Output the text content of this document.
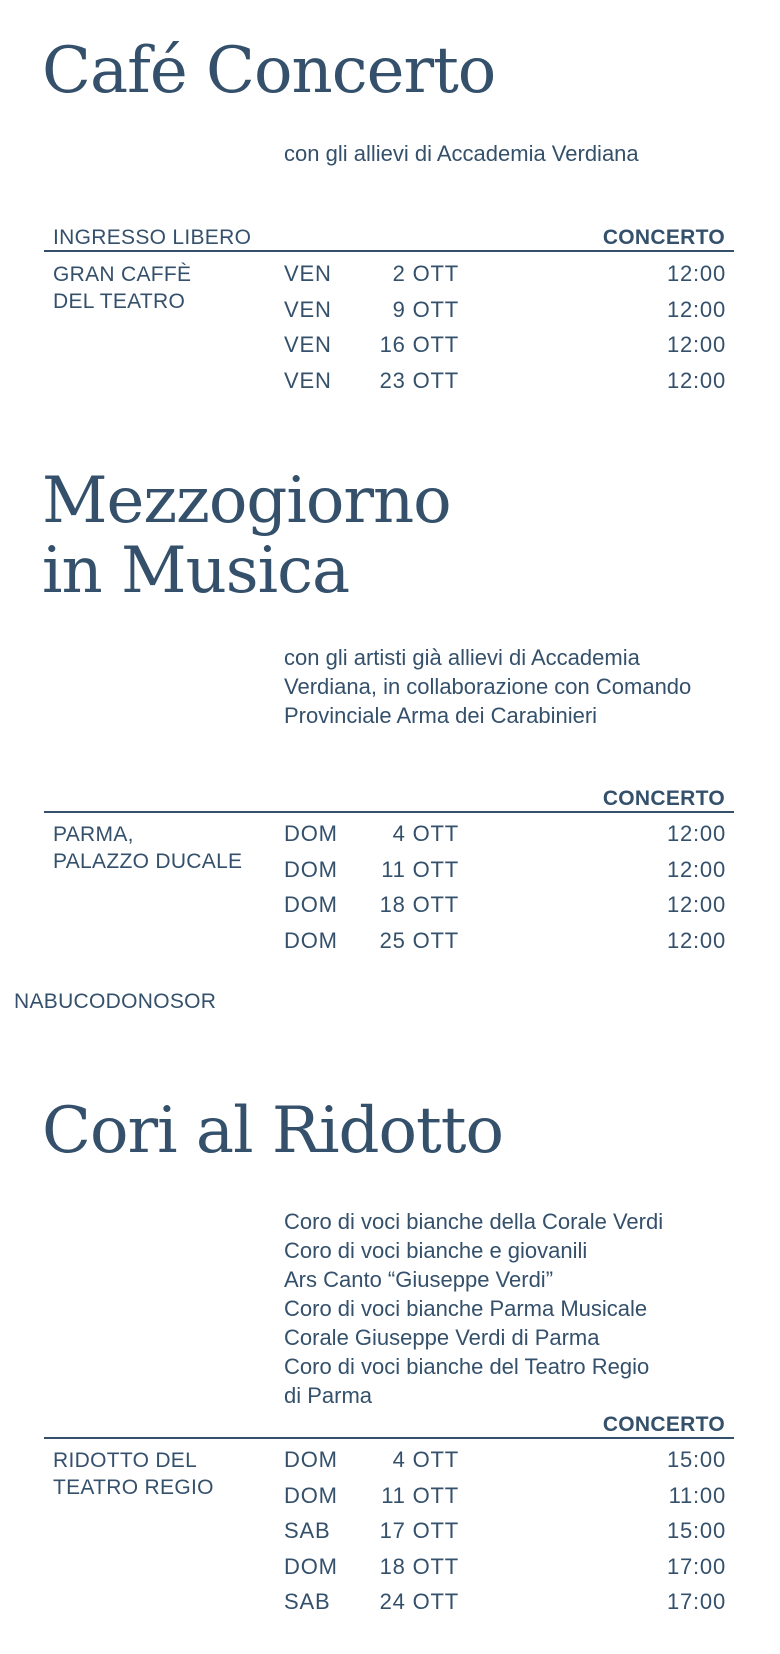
Café Concerto

con gli allievi di Accademia Verdiana

INGRESSO LIBERO	CONCERTO
GRAN CAFFÈ
DEL TEATRO
VEN	2 OTT	12:00
VEN	9 OTT	12:00
VEN 16 OTT	12:00
VEN 23 OTT	12:00
Mezzogiorno
in Musica

con gli artisti già allievi di Accademia
Verdiana, in collaborazione con Comando
Provinciale Arma dei Carabinieri

CONCERTO
PARMA,
PALAZZO DUCALE
DOM 4 OTT	12:00
DOM 11 OTT	12:00
DOM 18 OTT	12:00
DOM 25 OTT	12:00
NABUCODONOSOR
Cori al Ridotto

Coro di voci bianche della Corale Verdi
Coro di voci bianche e giovanili
Ars Canto “Giuseppe Verdi”
Coro di voci bianche Parma Musicale
Corale Giuseppe Verdi di Parma
Coro di voci bianche del Teatro Regio
di Parma

CONCERTO
RIDOTTO DEL
TEATRO REGIO
DOM 4 OTT	15:00
DOM 11 OTT	11:00
SAB 17 OTT	15:00
DOM 18 OTT	17:00
SAB 24 OTT	17:00
